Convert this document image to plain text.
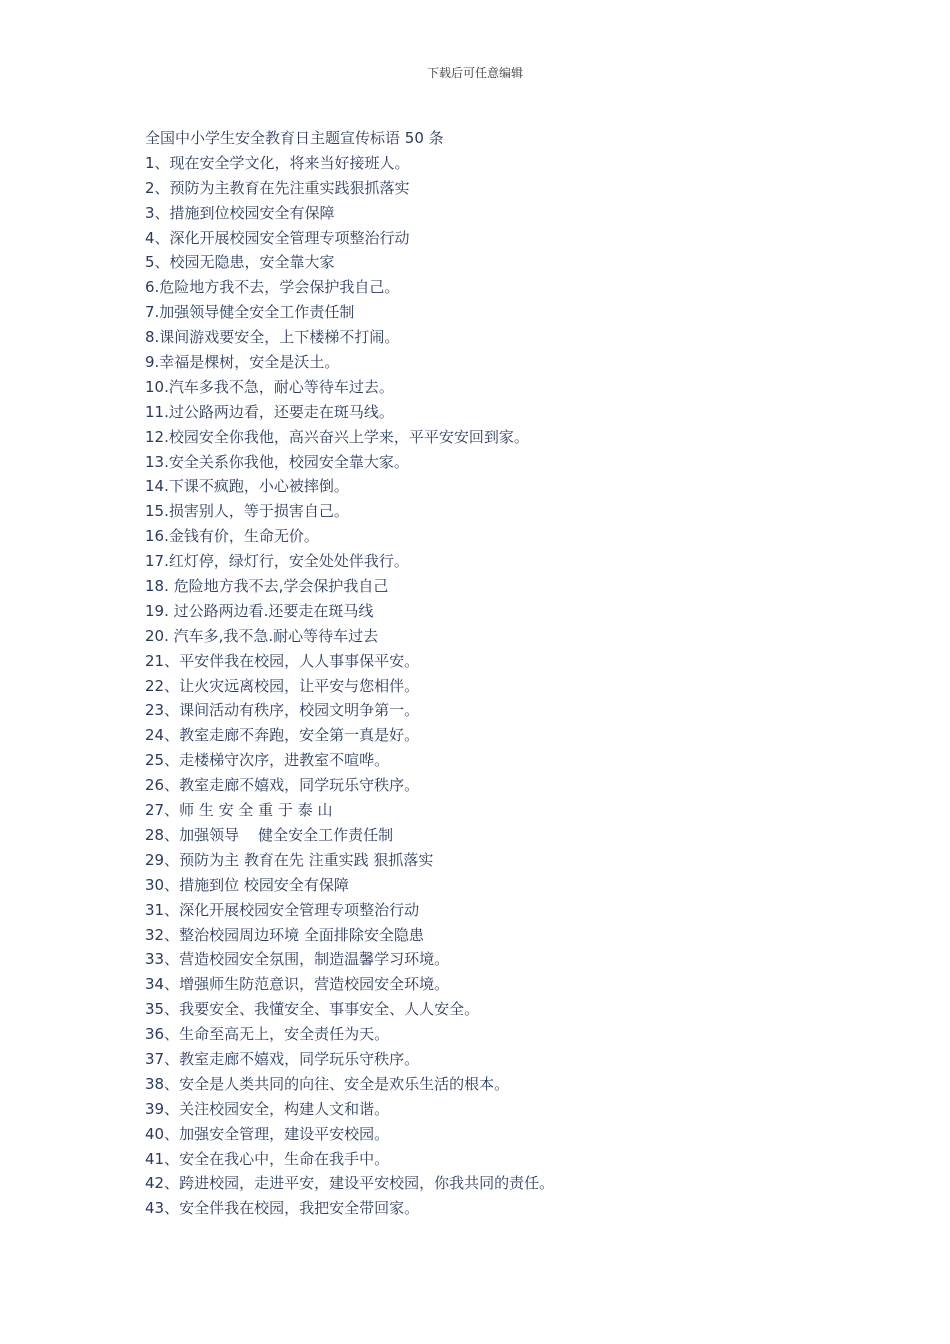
下载后可任意编辑
全国中小学生安全教育日主题宣传标语 50 条
1、现在安全学文化，将来当好接班人。
2、预防为主教育在先注重实践狠抓落实
3、措施到位校园安全有保障
4、深化开展校园安全管理专项整治行动
5、校园无隐患，安全靠大家
6.危险地方我不去，学会保护我自己。
7.加强领导健全安全工作责任制
8.课间游戏要安全，上下楼梯不打闹。
9.幸福是棵树，安全是沃土。
10.汽车多我不急，耐心等待车过去。
11.过公路两边看，还要走在斑马线。
12.校园安全你我他，高兴奋兴上学来，平平安安回到家。
13.安全关系你我他，校园安全靠大家。
14.下课不疯跑，小心被摔倒。
15.损害别人，等于损害自己。
16.金钱有价，生命无价。
17.红灯停，绿灯行，安全处处伴我行。
18. 危险地方我不去,学会保护我自己
19. 过公路两边看.还要走在斑马线
20. 汽车多,我不急.耐心等待车过去
21、平安伴我在校园，人人事事保平安。
22、让火灾远离校园，让平安与您相伴。
23、课间活动有秩序，校园文明争第一。
24、教室走廊不奔跑，安全第一真是好。
25、走楼梯守次序，进教室不喧哗。
26、教室走廊不嬉戏，同学玩乐守秩序。
27、师 生 安 全 重 于 泰 山
28、加强领导    健全安全工作责任制
29、预防为主 教育在先 注重实践 狠抓落实
30、措施到位 校园安全有保障
31、深化开展校园安全管理专项整治行动
32、整治校园周边环境 全面排除安全隐患
33、营造校园安全氛围，制造温馨学习环境。
34、增强师生防范意识，营造校园安全环境。
35、我要安全、我懂安全、事事安全、人人安全。
36、生命至高无上，安全责任为天。
37、教室走廊不嬉戏，同学玩乐守秩序。
38、安全是人类共同的向往、安全是欢乐生活的根本。
39、关注校园安全，构建人文和谐。
40、加强安全管理，建设平安校园。
41、安全在我心中，生命在我手中。
42、跨进校园，走进平安，建设平安校园，你我共同的责任。
43、安全伴我在校园，我把安全带回家。
